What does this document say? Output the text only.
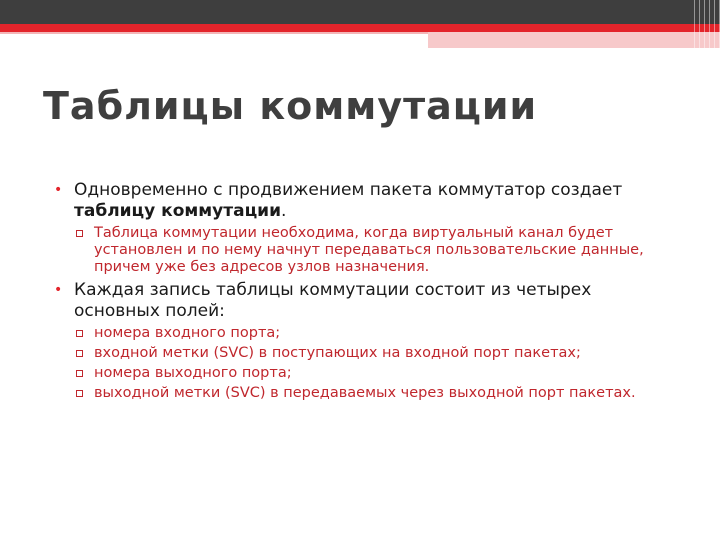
Таблицы коммутации
• Одновременно с продвижением пакета коммутатор создает таблицу коммутации.
Таблица коммутации необходима, когда виртуальный канал будет установлен и по нему начнут передаваться пользовательские данные, причем уже без адресов узлов назначения.
• Каждая запись таблицы коммутации состоит из четырех основных полей:
номера входного порта;
входной метки (SVC) в поступающих на входной порт пакетах;
номера выходного порта;
выходной метки (SVC) в передаваемых через выходной порт пакетах.
